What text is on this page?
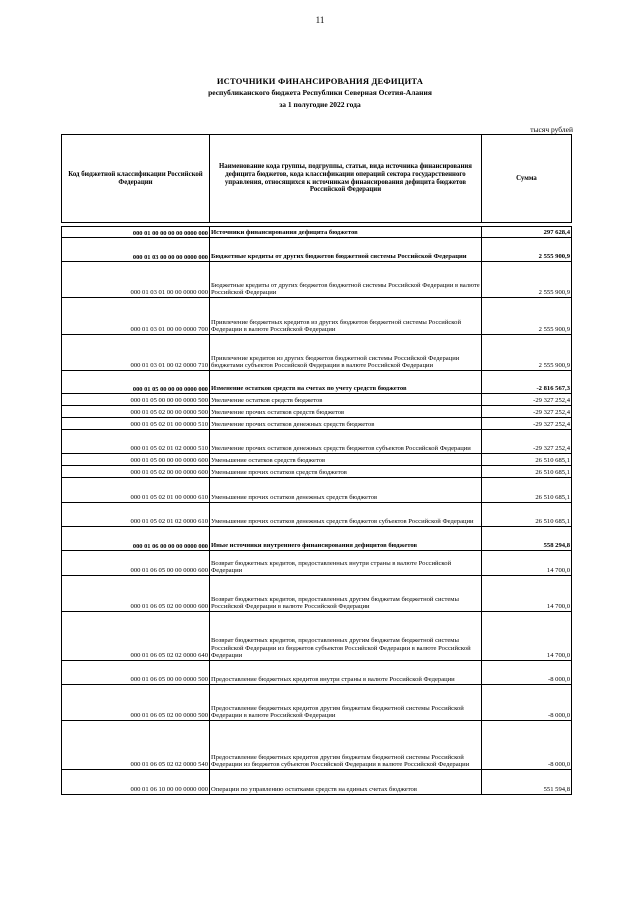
11
ИСТОЧНИКИ ФИНАНСИРОВАНИЯ ДЕФИЦИТА
республиканского бюджета Республики Северная Осетия-Алания
за 1 полугодие 2022 года
тысяч рублей
Код бюджетной классификации Российской Федерации	Наименование кода группы, подгруппы, статьи, вида источника финансирования дефицита бюджетов, кода классификации операций сектора государственного управления, относящихся к источникам финансирования дефицита бюджетов Российской Федерации	Сумма

000 01 00 00 00 00 0000 000	Источники финансирования дефицита бюджетов	297 628,4
000 01 03 00 00 00 0000 000	Бюджетные кредиты от других бюджетов бюджетной системы Российской Федерации	2 555 900,9
000 01 03 01 00 00 0000 000	Бюджетные кредиты от других бюджетов бюджетной системы Российской Федерации в валюте Российской Федерации	2 555 900,9
000 01 03 01 00 00 0000 700	Привлечение бюджетных кредитов из других бюджетов бюджетной системы Российской Федерации в валюте Российской Федерации	2 555 900,9
000 01 03 01 00 02 0000 710	Привлечение кредитов из других бюджетов бюджетной системы Российской Федерации бюджетами субъектов Российской Федерации в валюте Российской Федерации	2 555 900,9
000 01 05 00 00 00 0000 000	Изменение остатков средств на счетах по учету средств бюджетов	-2 816 567,3
000 01 05 00 00 00 0000 500	Увеличение остатков средств бюджетов	-29 327 252,4
000 01 05 02 00 00 0000 500	Увеличение прочих остатков средств бюджетов	-29 327 252,4
000 01 05 02 01 00 0000 510	Увеличение прочих остатков денежных средств бюджетов	-29 327 252,4
000 01 05 02 01 02 0000 510	Увеличение прочих остатков денежных средств бюджетов субъектов Российской Федерации	-29 327 252,4
000 01 05 00 00 00 0000 600	Уменьшение остатков средств бюджетов	26 510 685,1
000 01 05 02 00 00 0000 600	Уменьшение прочих остатков средств бюджетов	26 510 685,1
000 01 05 02 01 00 0000 610	Уменьшение прочих остатков денежных средств бюджетов	26 510 685,1
000 01 05 02 01 02 0000 610	Уменьшение прочих остатков денежных средств бюджетов субъектов Российской Федерации	26 510 685,1
000 01 06 00 00 00 0000 000	Иные источники внутреннего финансирования дефицитов бюджетов	558 294,8
000 01 06 05 00 00 0000 600	Возврат бюджетных кредитов, предоставленных внутри страны в валюте Российской Федерации	14 700,0
000 01 06 05 02 00 0000 600	Возврат бюджетных кредитов, предоставленных другим бюджетам бюджетной системы Российской Федерации в валюте Российской Федерации	14 700,0
000 01 06 05 02 02 0000 640	Возврат бюджетных кредитов, предоставленных другим бюджетам бюджетной системы Российской Федерации из бюджетов субъектов Российской Федерации в валюте Российской Федерации	14 700,0
000 01 06 05 00 00 0000 500	Предоставление бюджетных кредитов внутри страны в валюте Российской Федерации	-8 000,0
000 01 06 05 02 00 0000 500	Предоставление бюджетных кредитов другим бюджетам бюджетной системы Российской Федерации в валюте Российской Федерации	-8 000,0
000 01 06 05 02 02 0000 540	Предоставление бюджетных кредитов другим бюджетам бюджетной системы Российской Федерации из бюджетов субъектов Российской Федерации в валюте Российской Федерации	-8 000,0
000 01 06 10 00 00 0000 000	Операции по управлению остатками средств на единых счетах бюджетов	551 594,8
